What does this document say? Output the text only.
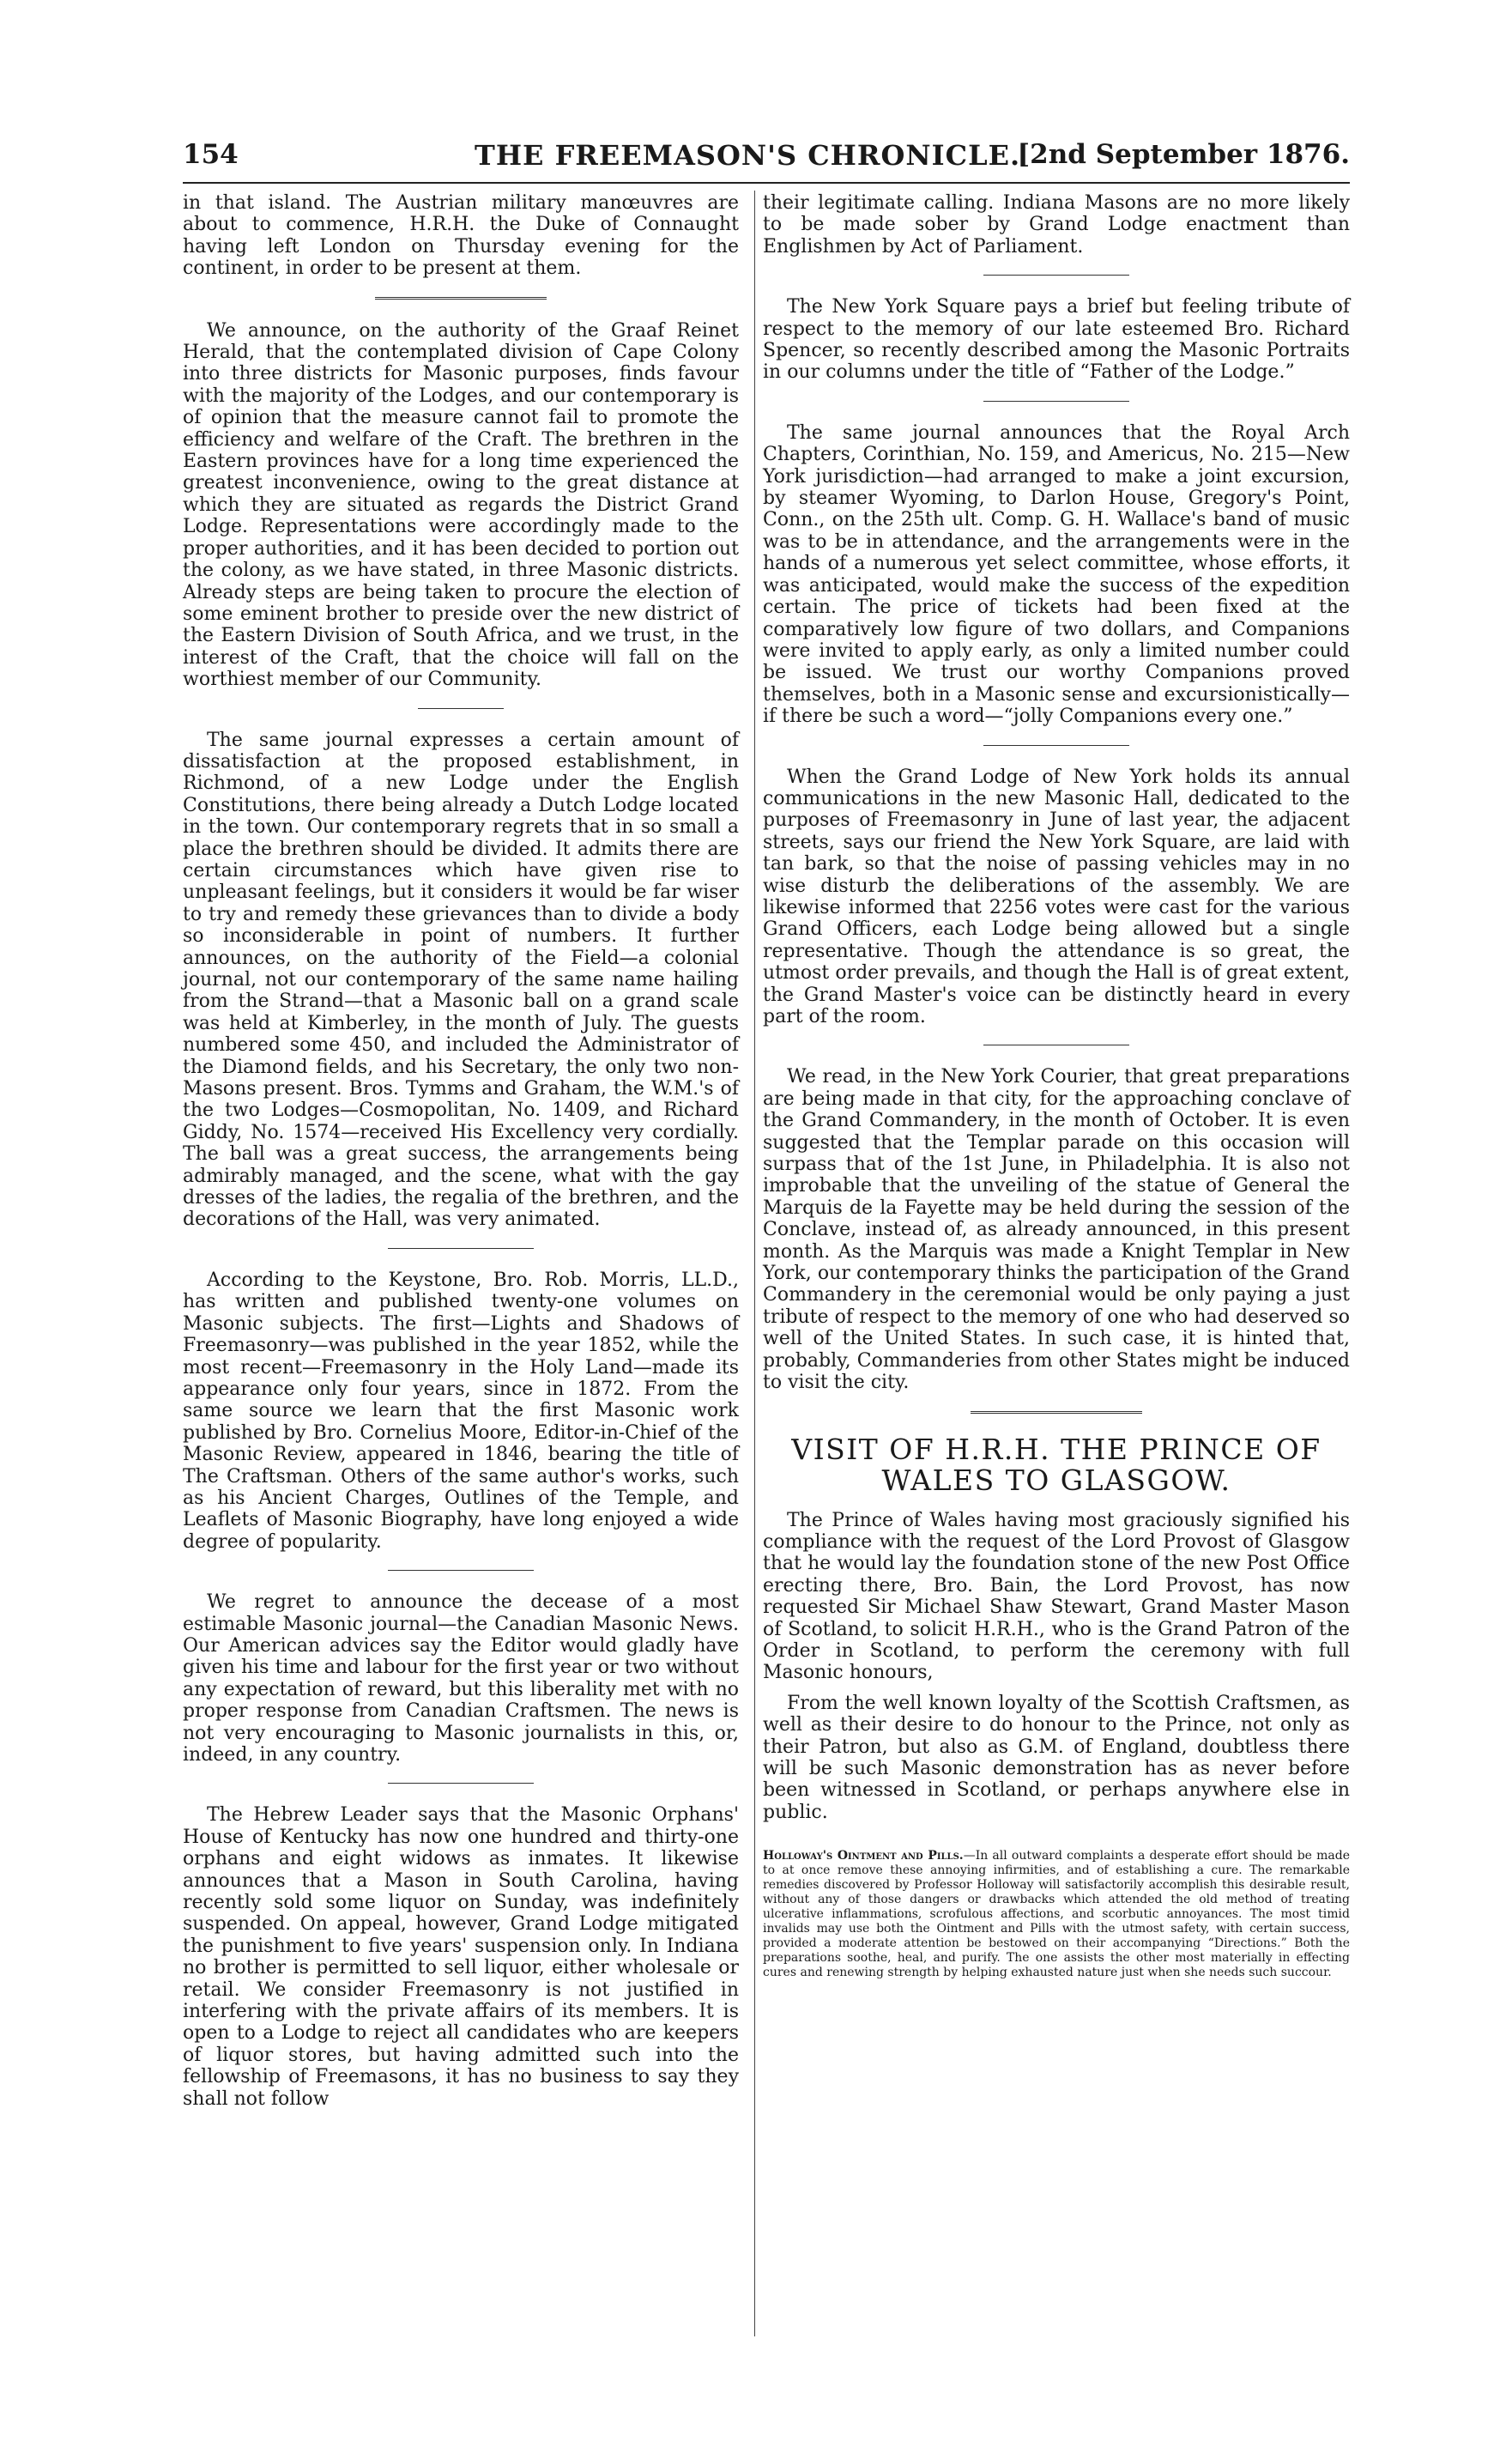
154	THE FREEMASON'S CHRONICLE.
[2nd September 1876.

in that island. The Austrian military manœuvres are about to commence, H.R.H. the Duke of Connaught having left London on Thursday evening for the continent, in order to be present at them.

We announce, on the authority of the Graaf Reinet Herald, that the contemplated division of Cape Colony into three districts for Masonic purposes, finds favour with the majority of the Lodges, and our contemporary is of opinion that the measure cannot fail to promote the efficiency and welfare of the Craft. The brethren in the Eastern provinces have for a long time experienced the greatest inconvenience, owing to the great distance at which they are situated as regards the District Grand Lodge. Representations were accordingly made to the proper authorities, and it has been decided to portion out the colony, as we have stated, in three Masonic districts. Already steps are being taken to procure the election of some eminent brother to preside over the new district of the Eastern Division of South Africa, and we trust, in the interest of the Craft, that the choice will fall on the worthiest member of our Community.

The same journal expresses a certain amount of dissatisfaction at the proposed establishment, in Richmond, of a new Lodge under the English Constitutions, there being already a Dutch Lodge located in the town. Our contemporary regrets that in so small a place the brethren should be divided. It admits there are certain circumstances which have given rise to unpleasant feelings, but it considers it would be far wiser to try and remedy these grievances than to divide a body so inconsiderable in point of numbers. It further announces, on the authority of the Field—a colonial journal, not our contemporary of the same name hailing from the Strand—that a Masonic ball on a grand scale was held at Kimberley, in the month of July. The guests numbered some 450, and included the Administrator of the Diamond fields, and his Secretary, the only two non-Masons present. Bros. Tymms and Graham, the W.M.'s of the two Lodges—Cosmopolitan, No. 1409, and Richard Giddy, No. 1574—received His Excellency very cordially. The ball was a great success, the arrangements being admirably managed, and the scene, what with the gay dresses of the ladies, the regalia of the brethren, and the decorations of the Hall, was very animated.

According to the Keystone, Bro. Rob. Morris, LL.D., has written and published twenty-one volumes on Masonic subjects. The first—Lights and Shadows of Freemasonry—was published in the year 1852, while the most recent—Freemasonry in the Holy Land—made its appearance only four years, since in 1872. From the same source we learn that the first Masonic work published by Bro. Cornelius Moore, Editor-in-Chief of the Masonic Review, appeared in 1846, bearing the title of The Craftsman. Others of the same author's works, such as his Ancient Charges, Outlines of the Temple, and Leaflets of Masonic Biography, have long enjoyed a wide degree of popularity.

We regret to announce the decease of a most estimable Masonic journal—the Canadian Masonic News. Our American advices say the Editor would gladly have given his time and labour for the first year or two without any expectation of reward, but this liberality met with no proper response from Canadian Craftsmen. The news is not very encouraging to Masonic journalists in this, or, indeed, in any country.

The Hebrew Leader says that the Masonic Orphans' House of Kentucky has now one hundred and thirty-one orphans and eight widows as inmates. It likewise announces that a Mason in South Carolina, having recently sold some liquor on Sunday, was indefinitely suspended. On appeal, however, Grand Lodge mitigated the punishment to five years' suspension only. In Indiana no brother is permitted to sell liquor, either wholesale or retail. We consider Freemasonry is not justified in interfering with the private affairs of its members. It is open to a Lodge to reject all candidates who are keepers of liquor stores, but having admitted such into the fellowship of Freemasons, it has no business to say they shall not follow

their legitimate calling. Indiana Masons are no more likely to be made sober by Grand Lodge enactment than Englishmen by Act of Parliament.

The New York Square pays a brief but feeling tribute of respect to the memory of our late esteemed Bro. Richard Spencer, so recently described among the Masonic Portraits in our columns under the title of “Father of the Lodge.”

The same journal announces that the Royal Arch Chapters, Corinthian, No. 159, and Americus, No. 215—New York jurisdiction—had arranged to make a joint excursion, by steamer Wyoming, to Darlon House, Gregory's Point, Conn., on the 25th ult. Comp. G. H. Wallace's band of music was to be in attendance, and the arrangements were in the hands of a numerous yet select committee, whose efforts, it was anticipated, would make the success of the expedition certain. The price of tickets had been fixed at the comparatively low figure of two dollars, and Companions were invited to apply early, as only a limited number could be issued. We trust our worthy Companions proved themselves, both in a Masonic sense and excursionistically—if there be such a word—“jolly Companions every one.”

When the Grand Lodge of New York holds its annual communications in the new Masonic Hall, dedicated to the purposes of Freemasonry in June of last year, the adjacent streets, says our friend the New York Square, are laid with tan bark, so that the noise of passing vehicles may in no wise disturb the deliberations of the assembly. We are likewise informed that 2256 votes were cast for the various Grand Officers, each Lodge being allowed but a single representative. Though the attendance is so great, the utmost order prevails, and though the Hall is of great extent, the Grand Master's voice can be distinctly heard in every part of the room.

We read, in the New York Courier, that great preparations are being made in that city, for the approaching conclave of the Grand Commandery, in the month of October. It is even suggested that the Templar parade on this occasion will surpass that of the 1st June, in Philadelphia. It is also not improbable that the unveiling of the statue of General the Marquis de la Fayette may be held during the session of the Conclave, instead of, as already announced, in this present month. As the Marquis was made a Knight Templar in New York, our contemporary thinks the participation of the Grand Commandery in the ceremonial would be only paying a just tribute of respect to the memory of one who had deserved so well of the United States. In such case, it is hinted that, probably, Commanderies from other States might be induced to visit the city.

VISIT OF H.R.H. THE PRINCE OF WALES TO GLASGOW.

The Prince of Wales having most graciously signified his compliance with the request of the Lord Provost of Glasgow that he would lay the foundation stone of the new Post Office erecting there, Bro. Bain, the Lord Provost, has now requested Sir Michael Shaw Stewart, Grand Master Mason of Scotland, to solicit H.R.H., who is the Grand Patron of the Order in Scotland, to perform the ceremony with full Masonic honours,

From the well known loyalty of the Scottish Craftsmen, as well as their desire to do honour to the Prince, not only as their Patron, but also as G.M. of England, doubtless there will be such Masonic demonstration has as never before been witnessed in Scotland, or perhaps anywhere else in public.

Holloway's Ointment and Pills.—In all outward complaints a desperate effort should be made to at once remove these annoying infirmities, and of establishing a cure. The remarkable remedies discovered by Professor Holloway will satisfactorily accomplish this desirable result, without any of those dangers or drawbacks which attended the old method of treating ulcerative inflammations, scrofulous affections, and scorbutic annoyances. The most timid invalids may use both the Ointment and Pills with the utmost safety, with certain success, provided a moderate attention be bestowed on their accompanying “Directions.” Both the preparations soothe, heal, and purify. The one assists the other most materially in effecting cures and renewing strength by helping exhausted nature just when she needs such succour.
